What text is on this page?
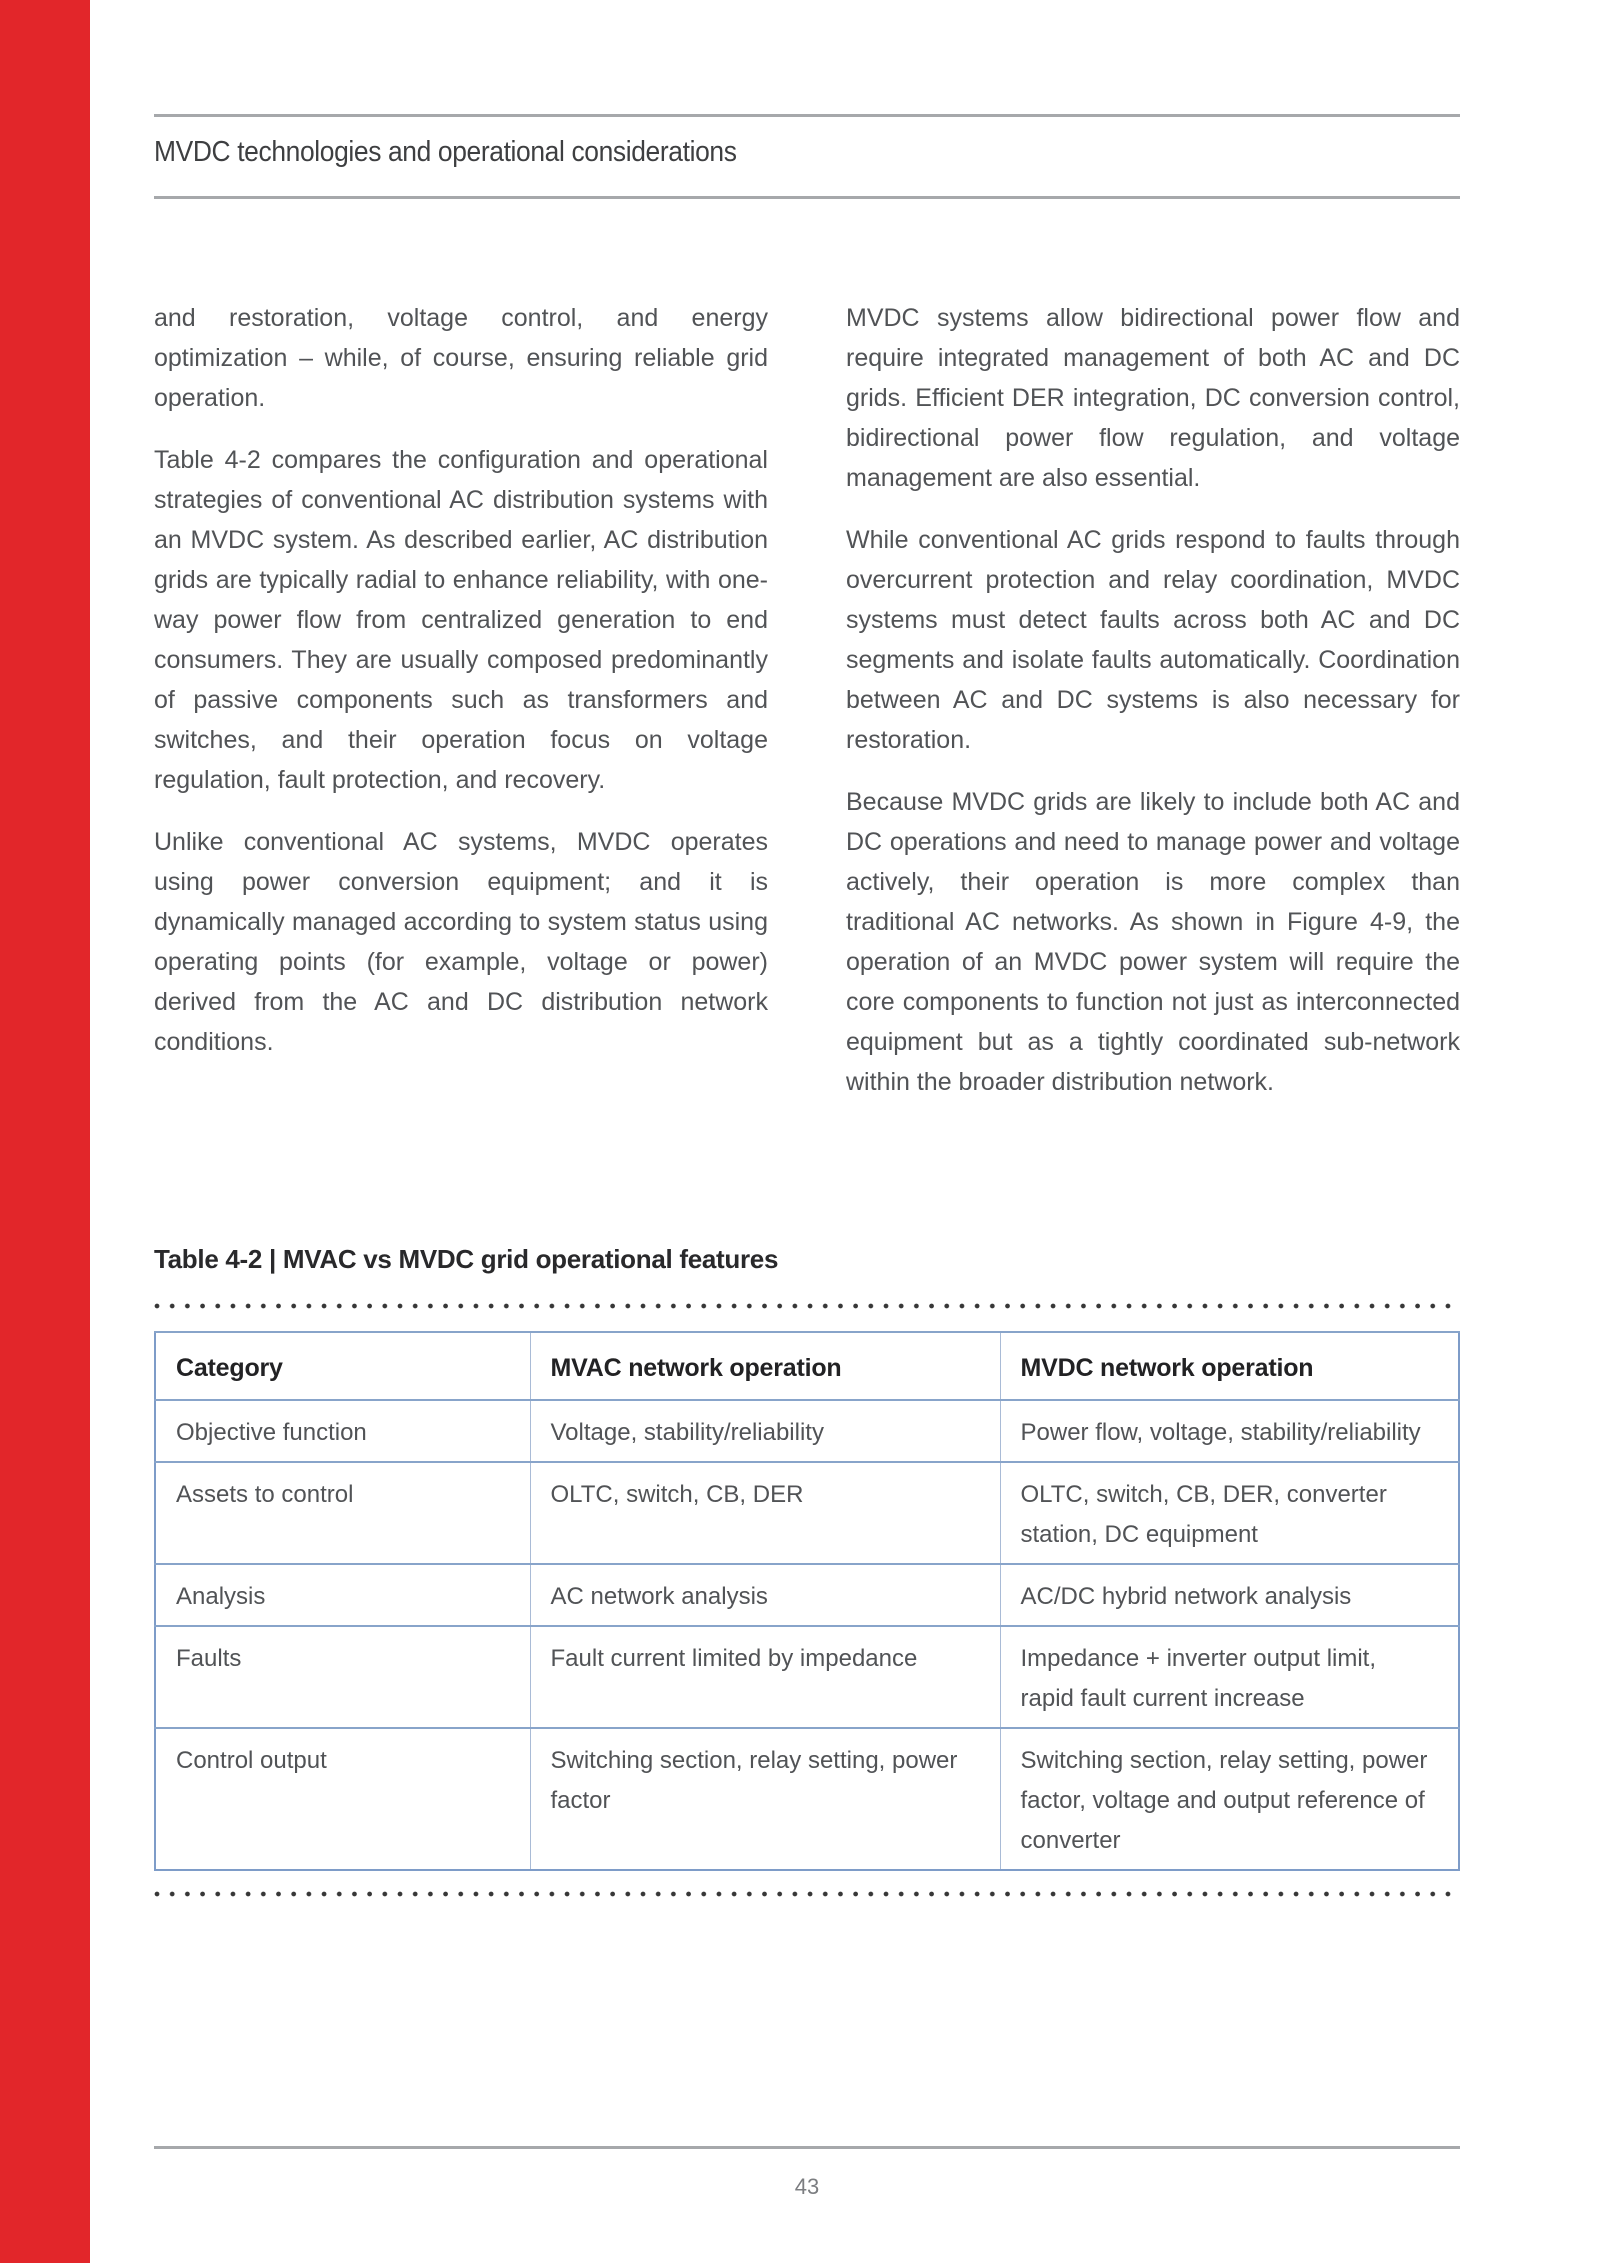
MVDC technologies and operational considerations

and restoration, voltage control, and energy optimization – while, of course, ensuring reliable grid operation.

Table 4-2 compares the configuration and operational strategies of conventional AC distribution systems with an MVDC system. As described earlier, AC distribution grids are typically radial to enhance reliability, with one-way power flow from centralized generation to end consumers. They are usually composed predominantly of passive components such as transformers and switches, and their operation focus on voltage regulation, fault protection, and recovery.

Unlike conventional AC systems, MVDC operates using power conversion equipment; and it is dynamically managed according to system status using operating points (for example, voltage or power) derived from the AC and DC distribution network conditions.

MVDC systems allow bidirectional power flow and require integrated management of both AC and DC grids. Efficient DER integration, DC conversion control, bidirectional power flow regulation, and voltage management are also essential.

While conventional AC grids respond to faults through overcurrent protection and relay coordination, MVDC systems must detect faults across both AC and DC segments and isolate faults automatically. Coordination between AC and DC systems is also necessary for restoration.

Because MVDC grids are likely to include both AC and DC operations and need to manage power and voltage actively, their operation is more complex than traditional AC networks. As shown in Figure 4-9, the operation of an MVDC power system will require the core components to function not just as interconnected equipment but as a tightly coordinated sub-network within the broader distribution network.

Table 4-2 | MVAC vs MVDC grid operational features
Category	MVAC network operation	MVDC network operation
Objective function	Voltage, stability/reliability	Power flow, voltage, stability/reliability
Assets to control	OLTC, switch, CB, DER	OLTC, switch, CB, DER, converter station, DC equipment
Analysis	AC network analysis	AC/DC hybrid network analysis
Faults	Fault current limited by impedance	Impedance + inverter output limit, rapid fault current increase
Control output	Switching section, relay setting, power factor	Switching section, relay setting, power factor, voltage and output reference of converter
43
